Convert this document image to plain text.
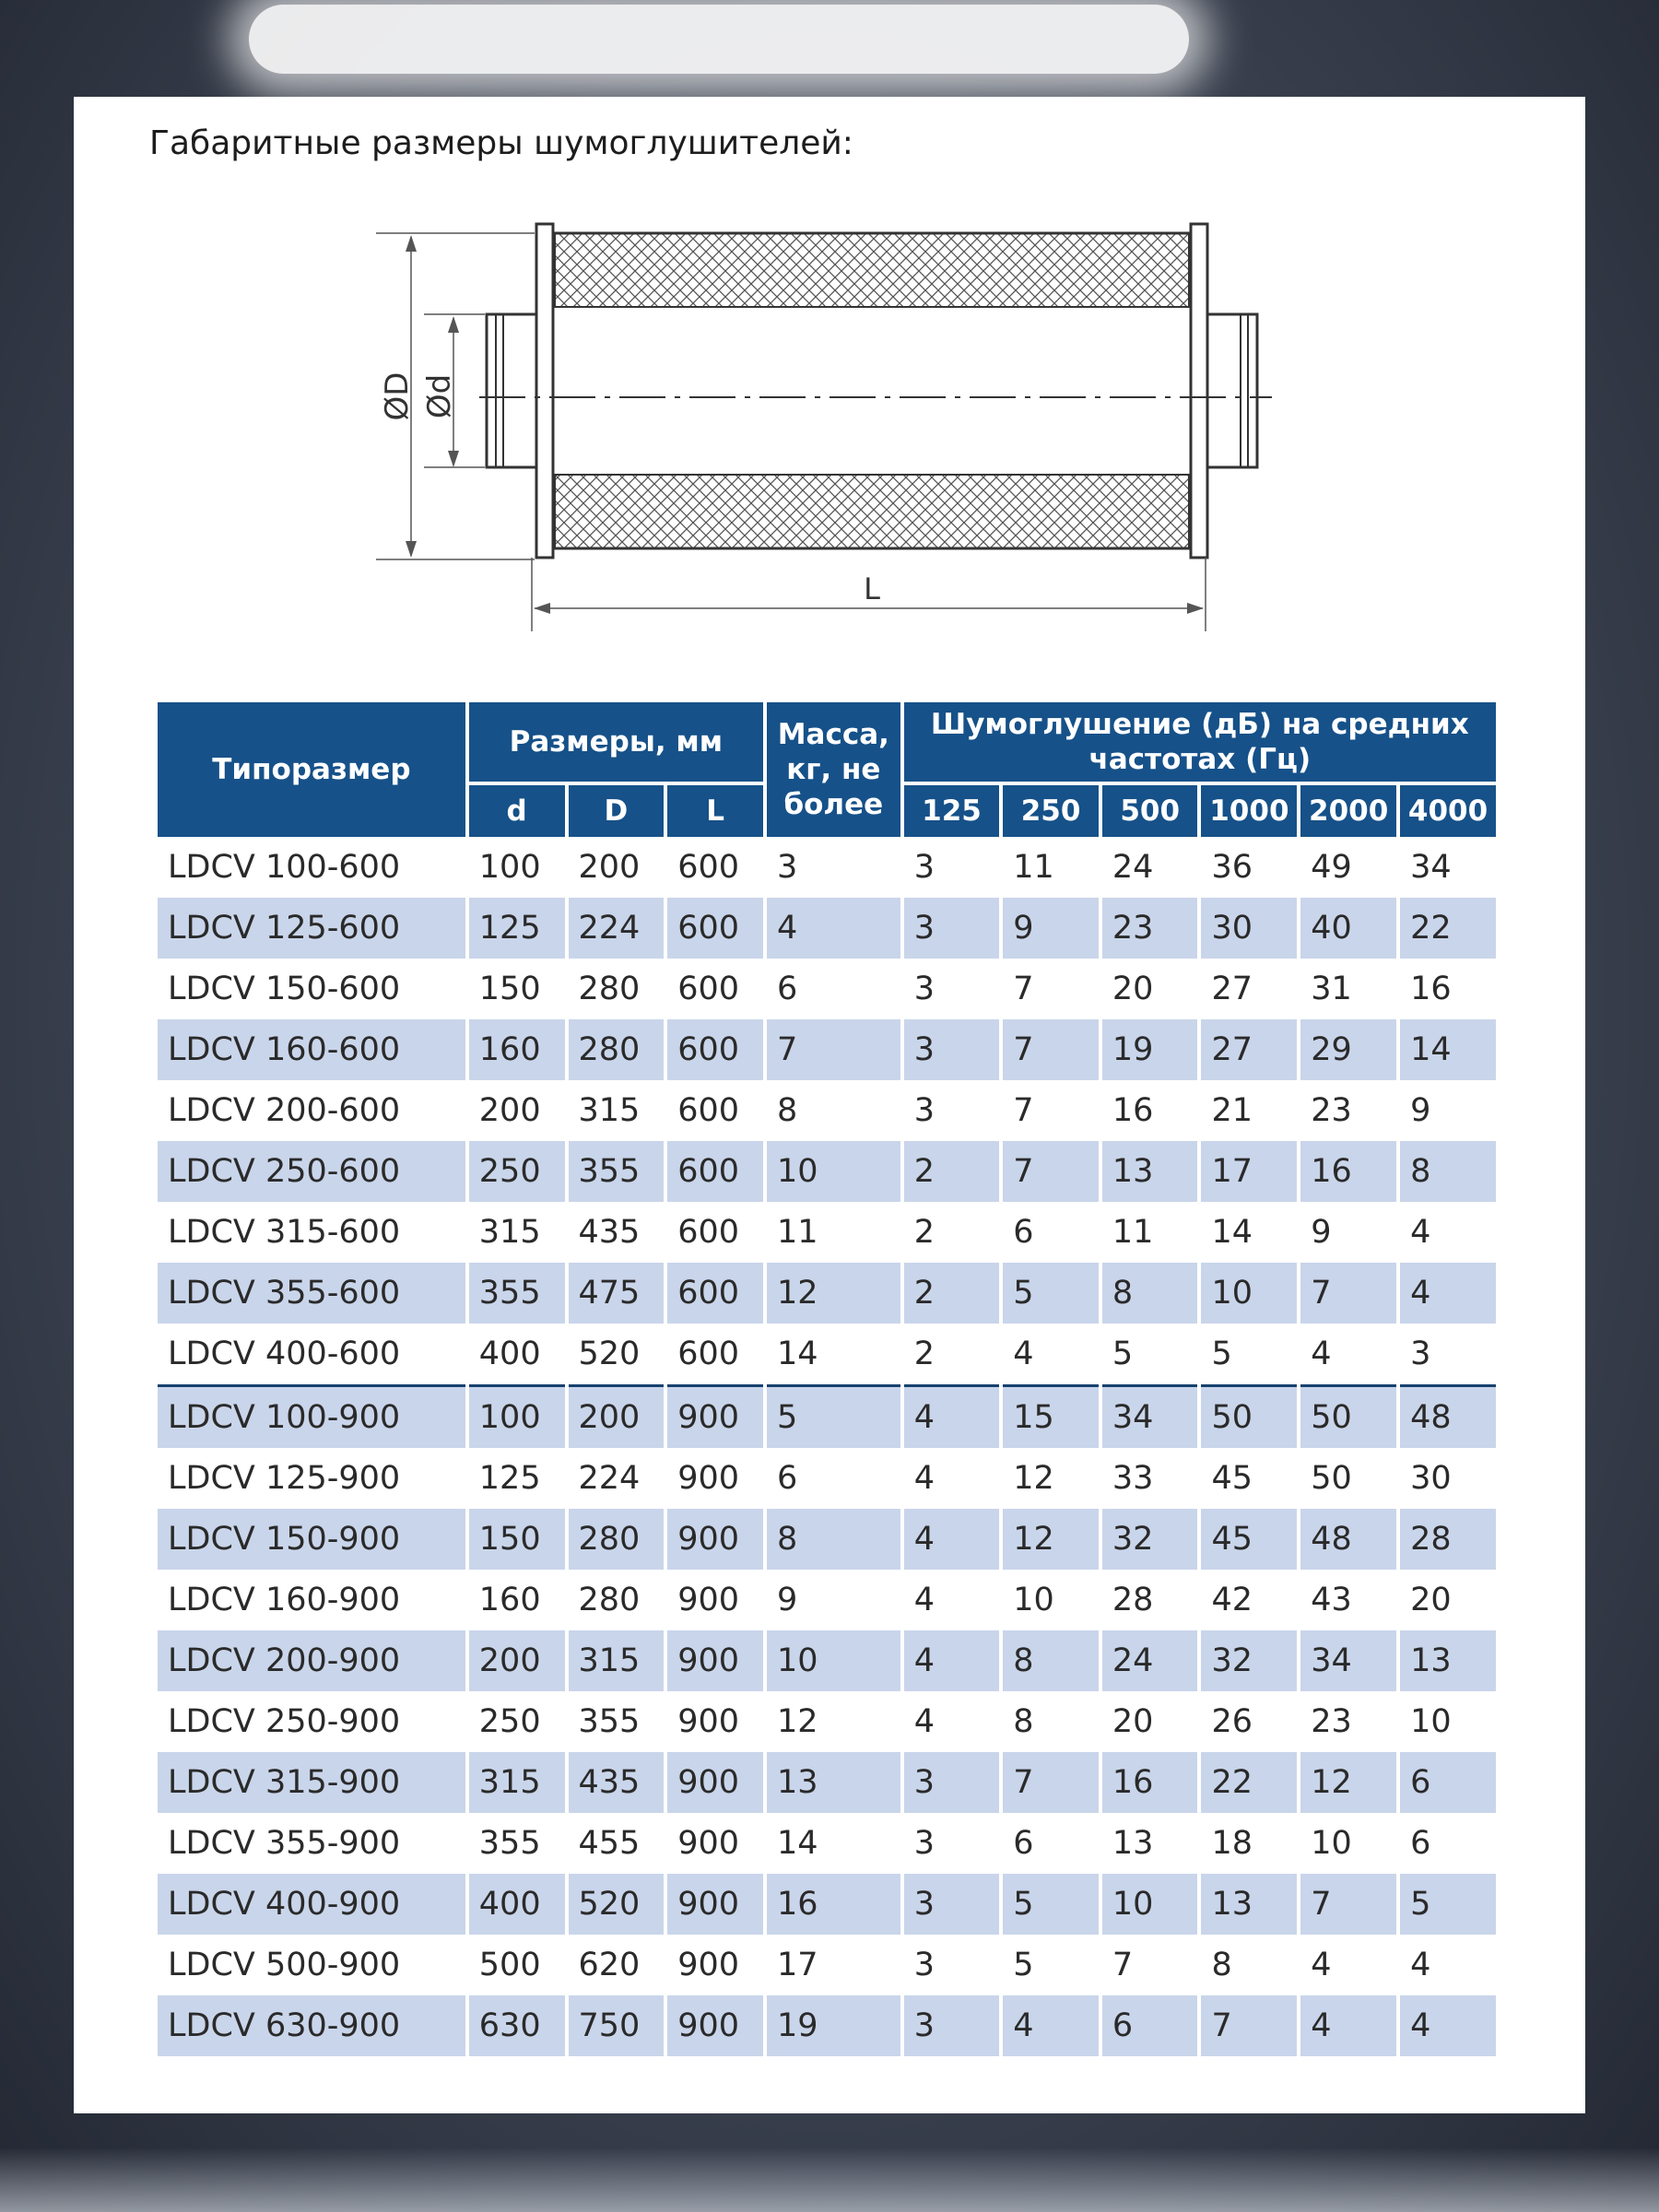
Габаритные размеры шумоглушителей:
ØD Ød
L
Типоразмер	Размеры, мм			Масса, кг, не более	Шумоглушение (дБ) на средних частотах (Гц)					
	d	D	L		125	250	500	1000	2000	4000
LDCV 100-600	100	200	600	3	3	11	24	36	49	34
LDCV 125-600	125	224	600	4	3	9	23	30	40	22
LDCV 150-600	150	280	600	6	3	7	20	27	31	16
LDCV 160-600	160	280	600	7	3	7	19	27	29	14
LDCV 200-600	200	315	600	8	3	7	16	21	23	9
LDCV 250-600	250	355	600	10	2	7	13	17	16	8
LDCV 315-600	315	435	600	11	2	6	11	14	9	4
LDCV 355-600	355	475	600	12	2	5	8	10	7	4
LDCV 400-600	400	520	600	14	2	4	5	5	4	3
LDCV 100-900	100	200	900	5	4	15	34	50	50	48
LDCV 125-900	125	224	900	6	4	12	33	45	50	30
LDCV 150-900	150	280	900	8	4	12	32	45	48	28
LDCV 160-900	160	280	900	9	4	10	28	42	43	20
LDCV 200-900	200	315	900	10	4	8	24	32	34	13
LDCV 250-900	250	355	900	12	4	8	20	26	23	10
LDCV 315-900	315	435	900	13	3	7	16	22	12	6
LDCV 355-900	355	455	900	14	3	6	13	18	10	6
LDCV 400-900	400	520	900	16	3	5	10	13	7	5
LDCV 500-900	500	620	900	17	3	5	7	8	4	4
LDCV 630-900	630	750	900	19	3	4	6	7	4	4
